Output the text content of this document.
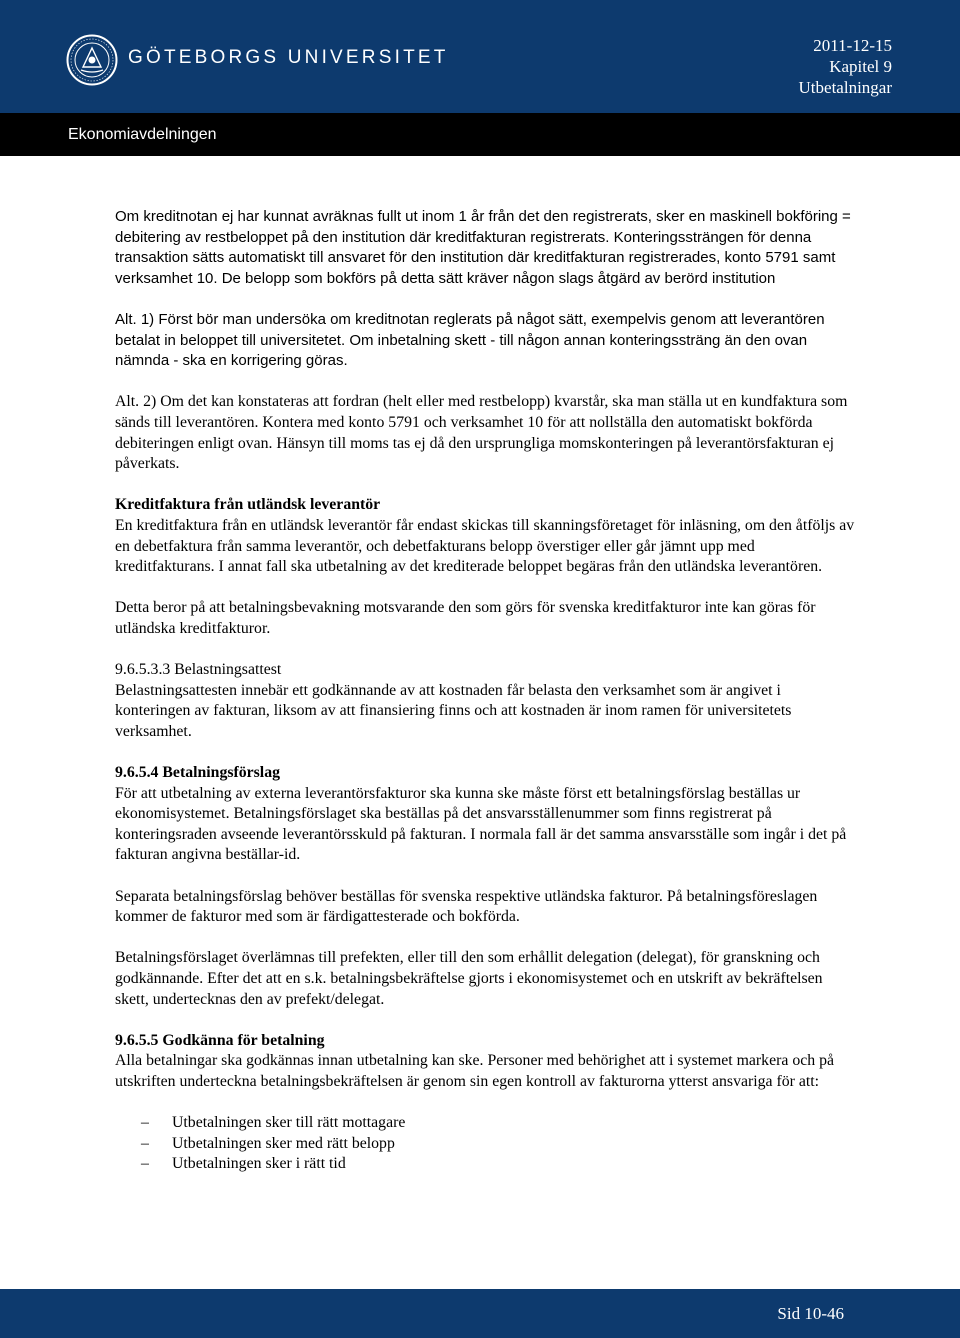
GÖTEBORGS UNIVERSITET
2011-12-15
Kapitel 9
Utbetalningar
Ekonomiavdelningen

Om kreditnotan ej har kunnat avräknas fullt ut inom 1 år från det den registrerats, sker en maskinell bokföring = debitering av restbeloppet på den institution där kreditfakturan registrerats. Konteringssträngen för denna transaktion sätts automatiskt till ansvaret för den institution där kreditfakturan registrerades, konto 5791 samt verksamhet 10. De belopp som bokförs på detta sätt kräver någon slags åtgärd av berörd institution

Alt. 1) Först bör man undersöka om kreditnotan reglerats på något sätt, exempelvis genom att leverantören betalat in beloppet till universitetet. Om inbetalning skett - till någon annan konteringssträng än den ovan nämnda - ska en korrigering göras.

Alt. 2) Om det kan konstateras att fordran (helt eller med restbelopp) kvarstår, ska man ställa ut en kundfaktura som sänds till leverantören. Kontera med konto 5791 och verksamhet 10 för att nollställa den automatiskt bokförda debiteringen enligt ovan. Hänsyn till moms tas ej då den ursprungliga momskonteringen på leverantörsfakturan ej påverkats.

Kreditfaktura från utländsk leverantör

En kreditfaktura från en utländsk leverantör får endast skickas till skanningsföretaget för inläsning, om den åtföljs av en debetfaktura från samma leverantör, och debetfakturans belopp överstiger eller går jämnt upp med kreditfakturans. I annat fall ska utbetalning av det krediterade beloppet begäras från den utländska leverantören.

Detta beror på att betalningsbevakning motsvarande den som görs för svenska kreditfakturor inte kan göras för utländska kreditfakturor.

9.6.5.3.3 Belastningsattest

Belastningsattesten innebär ett godkännande av att kostnaden får belasta den verksamhet som är angivet i konteringen av fakturan, liksom av att finansiering finns och att kostnaden är inom ramen för universitetets verksamhet.

9.6.5.4 Betalningsförslag

För att utbetalning av externa leverantörsfakturor ska kunna ske måste först ett betalningsförslag beställas ur ekonomisystemet. Betalningsförslaget ska beställas på det ansvarsställenummer som finns registrerat på konteringsraden avseende leverantörsskuld på fakturan. I normala fall är det samma ansvarsställe som ingår i det på fakturan angivna beställar-id.

Separata betalningsförslag behöver beställas för svenska respektive utländska fakturor. På betalningsföreslagen kommer de fakturor med som är färdigattesterade och bokförda.

Betalningsförslaget överlämnas till prefekten, eller till den som erhållit delegation (delegat), för granskning och godkännande. Efter det att en s.k. betalningsbekräftelse gjorts i ekonomisystemet och en utskrift av bekräftelsen skett, undertecknas den av prefekt/delegat.

9.6.5.5 Godkänna för betalning

Alla betalningar ska godkännas innan utbetalning kan ske. Personer med behörighet att i systemet markera och på utskriften underteckna betalningsbekräftelsen är genom sin egen kontroll av fakturorna ytterst ansvariga för att:

– Utbetalningen sker till rätt mottagare
– Utbetalningen sker med rätt belopp
– Utbetalningen sker i rätt tid
Sid 10-46
